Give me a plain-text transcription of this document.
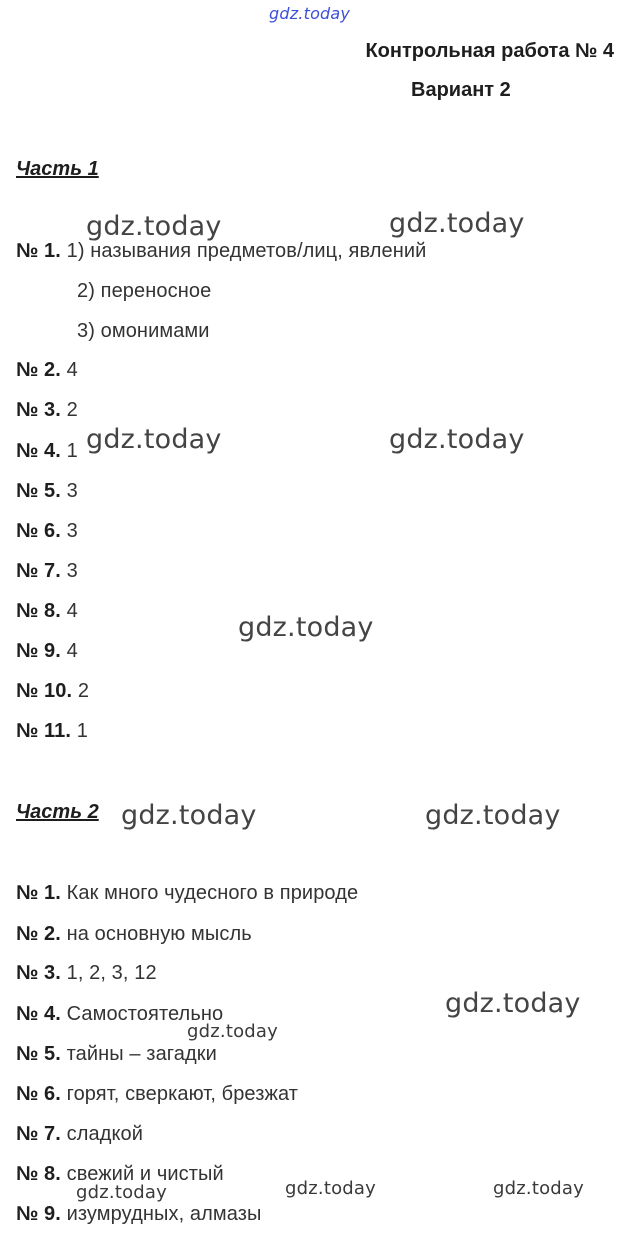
Контрольная работа № 4
Вариант 2
Часть 1
№ 1. 1) называния предметов/лиц, явлений
2) переносное
3) омонимами
№ 2. 4
№ 3. 2
№ 4. 1
№ 5. 3
№ 6. 3
№ 7. 3
№ 8. 4
№ 9. 4
№ 10. 2
№ 11. 1
Часть 2
№ 1. Как много чудесного в природе
№ 2. на основную мысль
№ 3. 1, 2, 3, 12
№ 4. Самостоятельно
№ 5. тайны – загадки
№ 6. горят, сверкают, брезжат
№ 7. сладкой
№ 8. свежий и чистый
№ 9. изумрудных, алмазы
gdz.today
gdz.today	gdz.today
gdz.today	gdz.today
gdz.today
gdz.today	gdz.today
gdz.today
gdz.today
gdz.today
gdz.today	gdz.today
